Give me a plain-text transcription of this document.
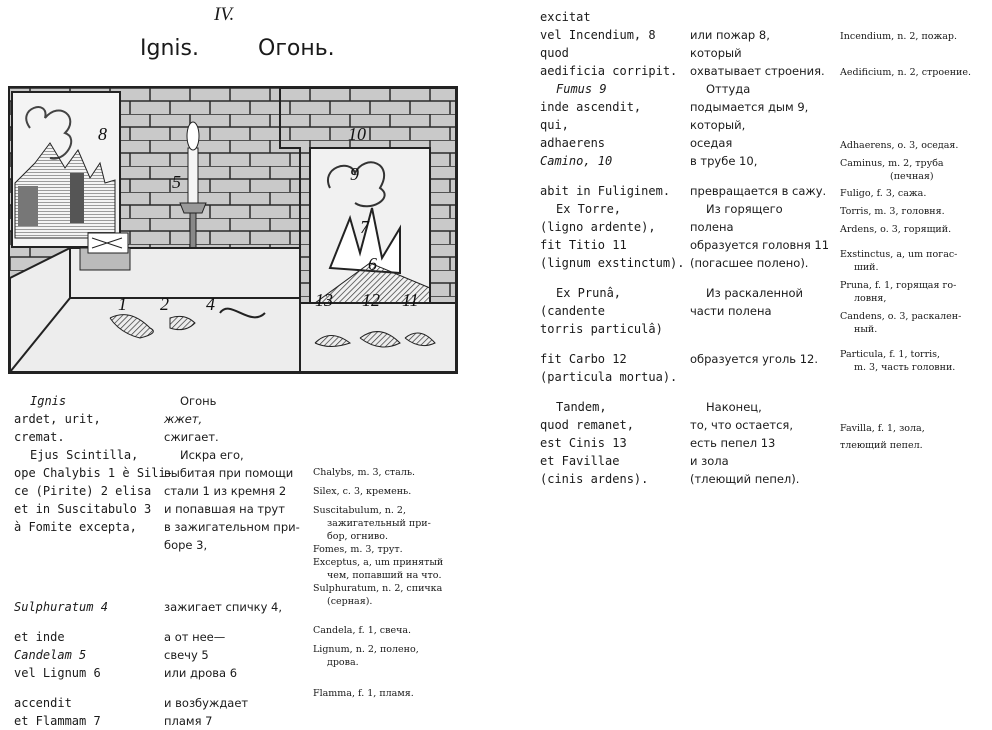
IV.
Ignis.	Огонь.
8	10
9
5
7
6
1 2 4	13 12 11
Ignis
ardet, urit,
cremat.
Ejus Scintilla,
ope Chalybis 1 è Sili-
ce (Pirite) 2 elisa
et in Suscitabulo 3
à Fomite excepta,
Sulphuratum 4
et inde
Candelam 5
vel Lignum 6
accendit
et Flammam 7
Огонь
жжет,
сжигает.
Искра его,
выбитая при помощи
стали 1 из кремня 2
и попавшая на трут
в зажигательном при-
боре 3,
зажигает спичку 4,
а от нее—
свечу 5
или дрова 6
и возбуждает
пламя 7
Chalybs, m. 3, сталь.
Silex, c. 3, кремень.
Suscitabulum, n. 2,
зажигательный при-
бор, огниво.
Fomes, m. 3, трут.
Exceptus, a, um принятый
чем, попавший на что.
Sulphuratum, n. 2, спичка
(серная).
Candela, f. 1, свеча.
Lignum, n. 2, полено,
дрова.
Flamma, f. 1, пламя.
excitat
vel Incendium, 8
quod
aedificia corripit.
Fumus 9
inde ascendit,
qui,
adhaerens
Camino, 10
abit in Fuliginem.
Ex Torre,
(ligno ardente),
fit Titio 11
(lignum exstinctum).
Ex Prunâ,
(candente
torris particulâ)
fit Carbo 12
(particula mortua).
Tandem,
quod remanet,
est Cinis 13
et Favillae
(cinis ardens).
или пожар 8,
который
охватывает строения.
Оттуда
подымается дым 9,
который,
оседая
в трубе 10,
превращается в сажу.
Из горящего
полена
образуется головня 11
(погасшее полено).
Из раскаленной
части полена
образуется уголь 12.
Наконец,
то, что остается,
есть пепел 13
и зола
(тлеющий пепел).
Incendium, n. 2, пожар.
Aedificium, n. 2, строение.
Adhaerens, o. 3, оседая.
Caminus, m. 2, труба
(печная)
Fuligo, f. 3, сажа.
Torris, m. 3, головня.
Ardens, o. 3, горящий.
Exstinctus, a, um погас-
ший.
Pruna, f. 1, горящая го-
ловня,
Candens, o. 3, раскален-
ный.
Particula, f. 1, torris,
m. 3, часть головни.
Favilla, f. 1, зола,
тлеющий пепел.
